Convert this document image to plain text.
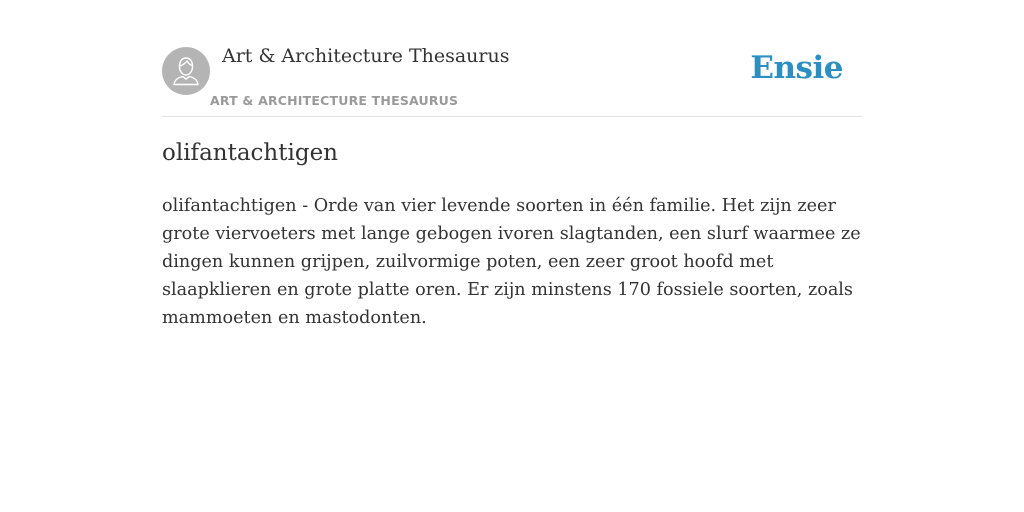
Art & Architecture Thesaurus
ART & ARCHITECTURE THESAURUS
Ensie
olifantachtigen

olifantachtigen - Orde van vier levende soorten in één familie. Het zijn zeer grote viervoeters met lange gebogen ivoren slagtanden, een slurf waarmee ze dingen kunnen grijpen, zuilvormige poten, een zeer groot hoofd met slaapklieren en grote platte oren. Er zijn minstens 170 fossiele soorten, zoals mammoeten en mastodonten.
